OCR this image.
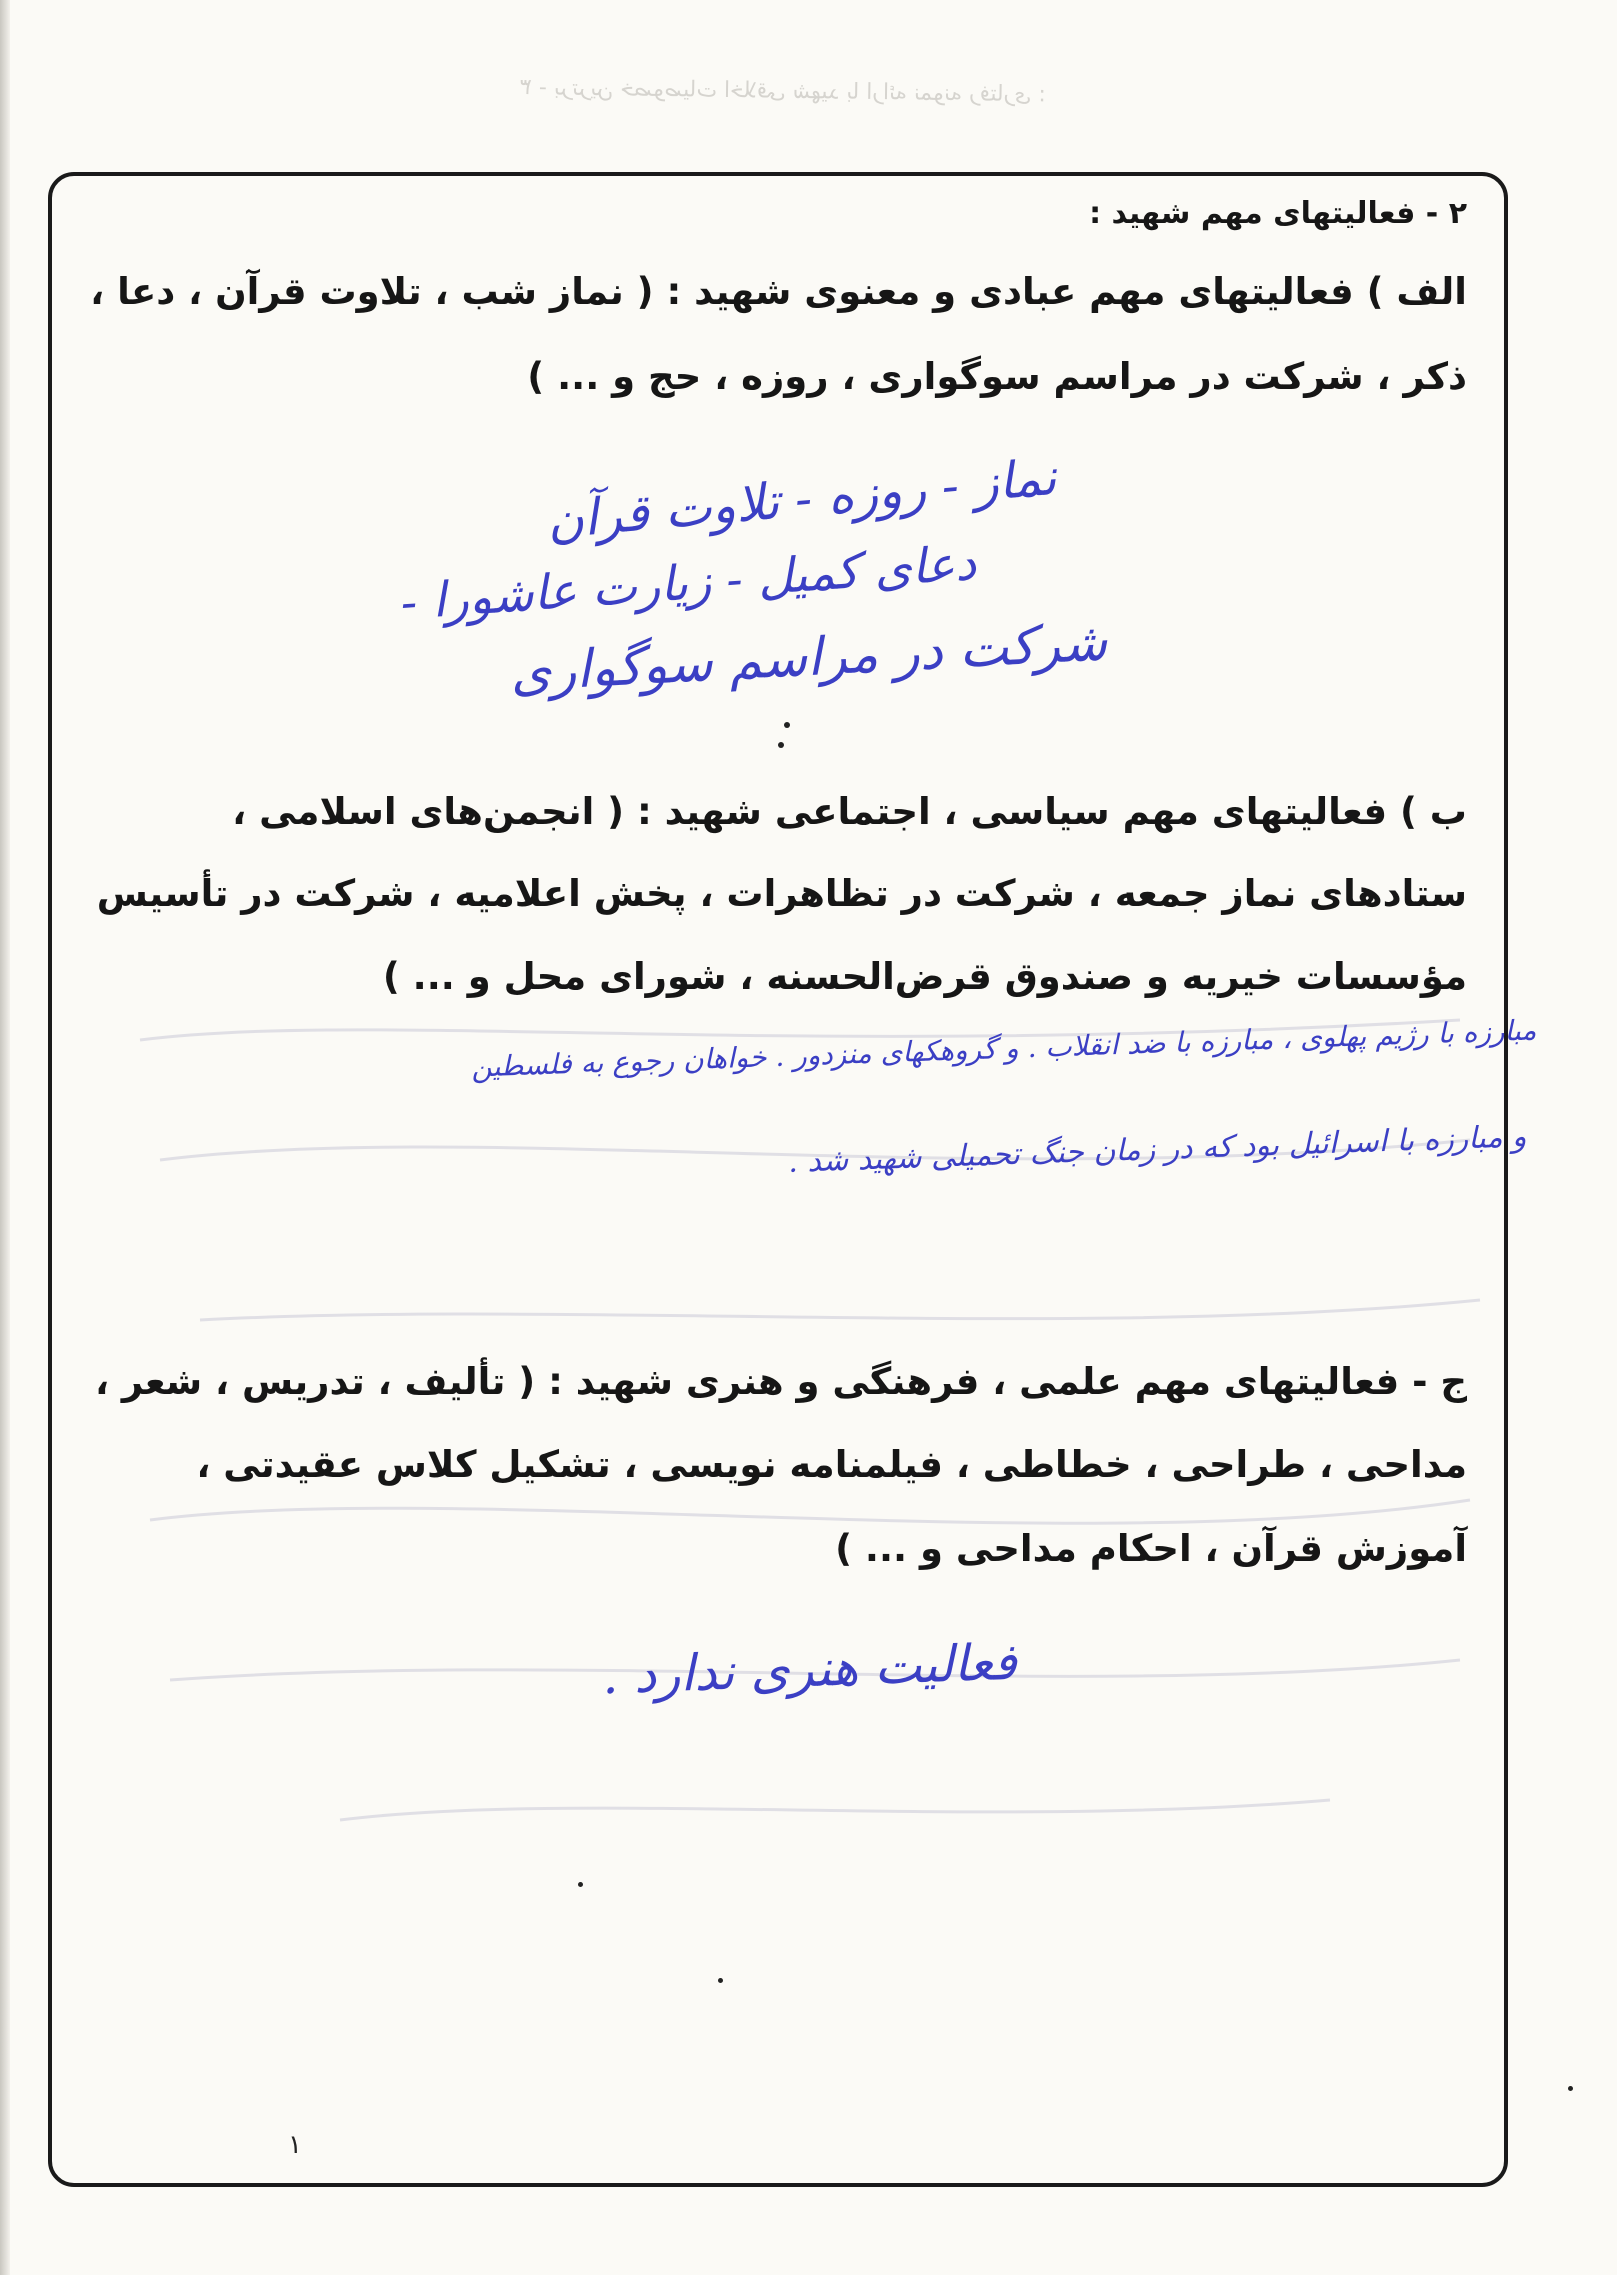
۳ - برترین خصوصیات اخلاقی شهید با ارائه نمونه رفتاری :
۲ - فعالیتهای مهم شهید :
الف ) فعالیتهای مهم عبادی و معنوی شهید : ( نماز شب ، تلاوت قرآن ، دعا ،
ذکر ، شرکت در مراسم سوگواری ، روزه ، حج و ... )
نماز - روزه - تلاوت قرآن
دعای کمیل - زیارت عاشورا -
شرکت در مراسم سوگواری
ب ) فعالیتهای مهم سیاسی ، اجتماعی شهید : ( انجمن‌های اسلامی ،
ستادهای نماز جمعه ، شرکت در تظاهرات ، پخش اعلامیه ، شرکت در تأسیس
مؤسسات خیریه و صندوق قرض‌الحسنه ، شورای محل و ... )
مبارزه با رژیم پهلوی ، مبارزه با ضد انقلاب . و گروهکهای منزدور . خواهان رجوع به فلسطین
و مبارزه با اسرائیل بود که در زمان جنگ تحمیلی شهید شد .
ج - فعالیتهای مهم علمی ، فرهنگی و هنری شهید : ( تألیف ، تدریس ، شعر ،
مداحی ، طراحی ، خطاطی ، فیلمنامه نویسی ، تشکیل کلاس عقیدتی ،
آموزش قرآن ، احکام مداحی و ... )
فعالیت هنری ندارد .
۱
